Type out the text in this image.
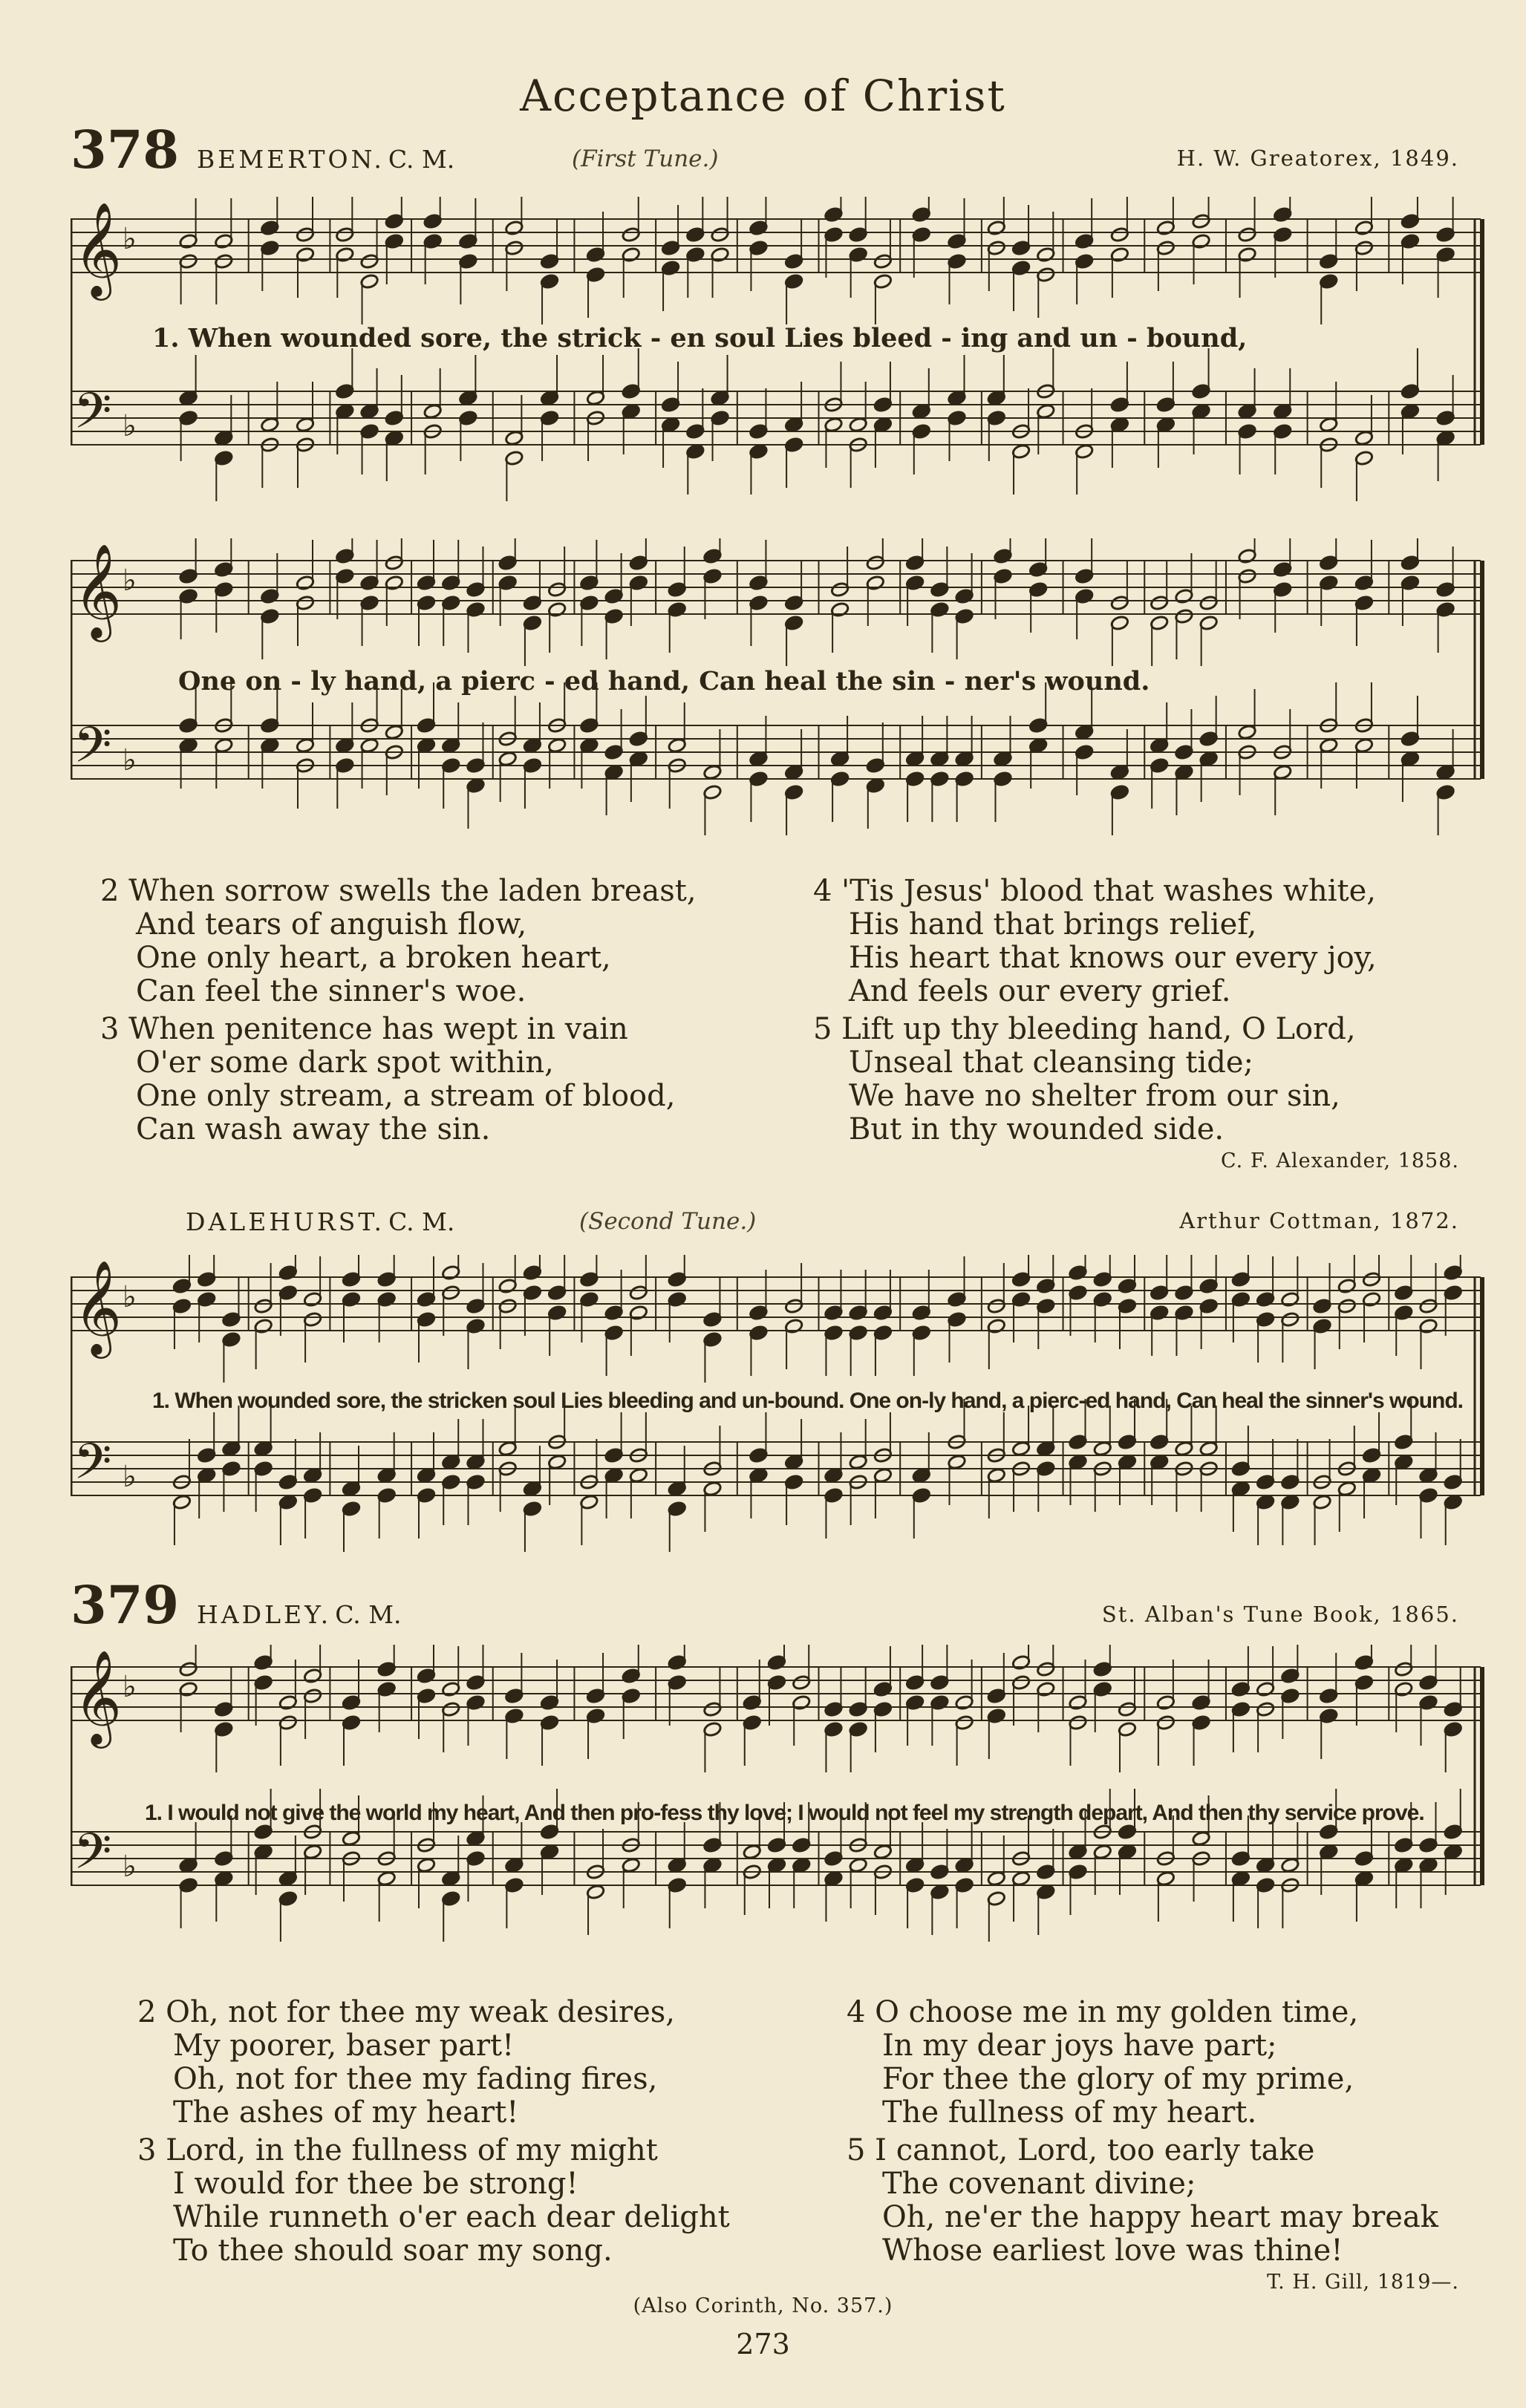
Acceptance of Christ
378 BEMERTON. C. M.	(First Tune.)	H. W. Greatorex, 1849.
𝄞
𝄢
♭
♭
1. When wounded sore, the strick - en soul Lies bleed - ing and un - bound,
𝄞
𝄢
♭
♭
One on - ly hand, a pierc - ed hand, Can heal the sin - ner's wound.
2 When sorrow swells the laden breast,
And tears of anguish flow,
One only heart, a broken heart,
Can feel the sinner's woe.
3 When penitence has wept in vain
O'er some dark spot within,
One only stream, a stream of blood,
Can wash away the sin.
4 'Tis Jesus' blood that washes white,
His hand that brings relief,
His heart that knows our every joy,
And feels our every grief.
5 Lift up thy bleeding hand, O Lord,
Unseal that cleansing tide;
We have no shelter from our sin,
But in thy wounded side.
C. F. Alexander, 1858.
DALEHURST. C. M.	(Second Tune.)	Arthur Cottman, 1872.
𝄞
𝄢
♭
♭
1. When wounded sore, the stricken soul Lies bleeding and un-bound. One on-ly hand, a pierc-ed hand, Can heal the sinner's wound.
379 HADLEY. C. M.	St. Alban's Tune Book, 1865.
𝄞
𝄢
♭
♭
1. I would not give the world my heart, And then pro-fess thy love; I would not feel my strength depart, And then thy service prove.
2 Oh, not for thee my weak desires,
My poorer, baser part!
Oh, not for thee my fading fires,
The ashes of my heart!
3 Lord, in the fullness of my might
I would for thee be strong!
While runneth o'er each dear delight
To thee should soar my song.
4 O choose me in my golden time,
In my dear joys have part;
For thee the glory of my prime,
The fullness of my heart.
5 I cannot, Lord, too early take
The covenant divine;
Oh, ne'er the happy heart may break
Whose earliest love was thine!
T. H. Gill, 1819—.
(Also Corinth, No. 357.)
273
